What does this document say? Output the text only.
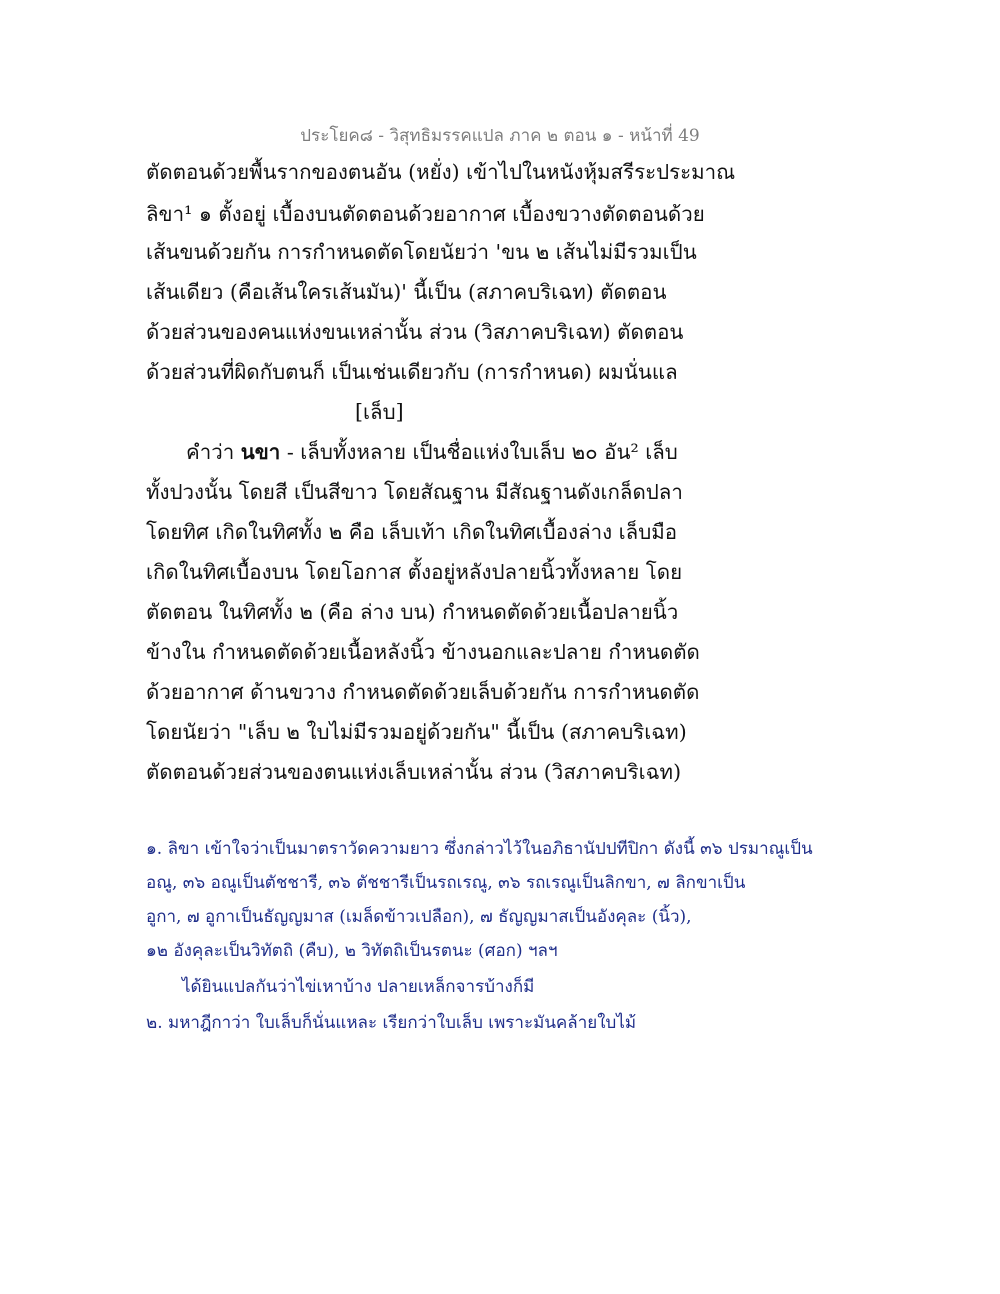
ประโยค๘ - วิสุทธิมรรคแปล ภาค ๒ ตอน ๑ - หน้าที่ 49
ตัดตอนด้วยพื้นรากของตนอัน (หยั่ง) เข้าไปในหนังหุ้มสรีระประมาณ
ลิขา¹ ๑ ตั้งอยู่ เบื้องบนตัดตอนด้วยอากาศ เบื้องขวางตัดตอนด้วย
เส้นขนด้วยกัน การกำหนดตัดโดยนัยว่า 'ขน ๒ เส้นไม่มีรวมเป็น
เส้นเดียว (คือเส้นใครเส้นมัน)' นี้เป็น (สภาคบริเฉท) ตัดตอน
ด้วยส่วนของคนแห่งขนเหล่านั้น ส่วน (วิสภาคบริเฉท) ตัดตอน
ด้วยส่วนที่ผิดกับตนก็ เป็นเช่นเดียวกับ (การกำหนด) ผมนั่นแล
[เล็บ]
คำว่า นขา - เล็บทั้งหลาย เป็นชื่อแห่งใบเล็บ ๒๐ อัน² เล็บ
ทั้งปวงนั้น โดยสี เป็นสีขาว โดยสัณฐาน มีสัณฐานดังเกล็ดปลา
โดยทิศ เกิดในทิศทั้ง ๒ คือ เล็บเท้า เกิดในทิศเบื้องล่าง เล็บมือ
เกิดในทิศเบื้องบน โดยโอกาส ตั้งอยู่หลังปลายนิ้วทั้งหลาย โดย
ตัดตอน ในทิศทั้ง ๒ (คือ ล่าง บน) กำหนดตัดด้วยเนื้อปลายนิ้ว
ข้างใน กำหนดตัดด้วยเนื้อหลังนิ้ว ข้างนอกและปลาย กำหนดตัด
ด้วยอากาศ ด้านขวาง กำหนดตัดด้วยเล็บด้วยกัน การกำหนดตัด
โดยนัยว่า "เล็บ ๒ ใบไม่มีรวมอยู่ด้วยกัน" นี้เป็น (สภาคบริเฉท)
ตัดตอนด้วยส่วนของตนแห่งเล็บเหล่านั้น ส่วน (วิสภาคบริเฉท)
๑. ลิขา เข้าใจว่าเป็นมาตราวัดความยาว ซึ่งกล่าวไว้ในอภิธานัปปทีปิกา ดังนี้ ๓๖ ปรมาณูเป็น
อณู, ๓๖ อณูเป็นตัชชารี, ๓๖ ตัชชารีเป็นรถเรณู, ๓๖ รถเรณูเป็นลิกขา, ๗ ลิกขาเป็น
อูกา, ๗ อูกาเป็นธัญญมาส (เมล็ดข้าวเปลือก), ๗ ธัญญมาสเป็นอังคุละ (นิ้ว),
๑๒ อังคุละเป็นวิทัตถิ (คืบ), ๒ วิทัตถิเป็นรตนะ (ศอก) ฯลฯ
ได้ยินแปลกันว่าไข่เหาบ้าง ปลายเหล็กจารบ้างก็มี
๒. มหาฎีกาว่า ใบเล็บก็นั่นแหละ เรียกว่าใบเล็บ เพราะมันคล้ายใบไม้
